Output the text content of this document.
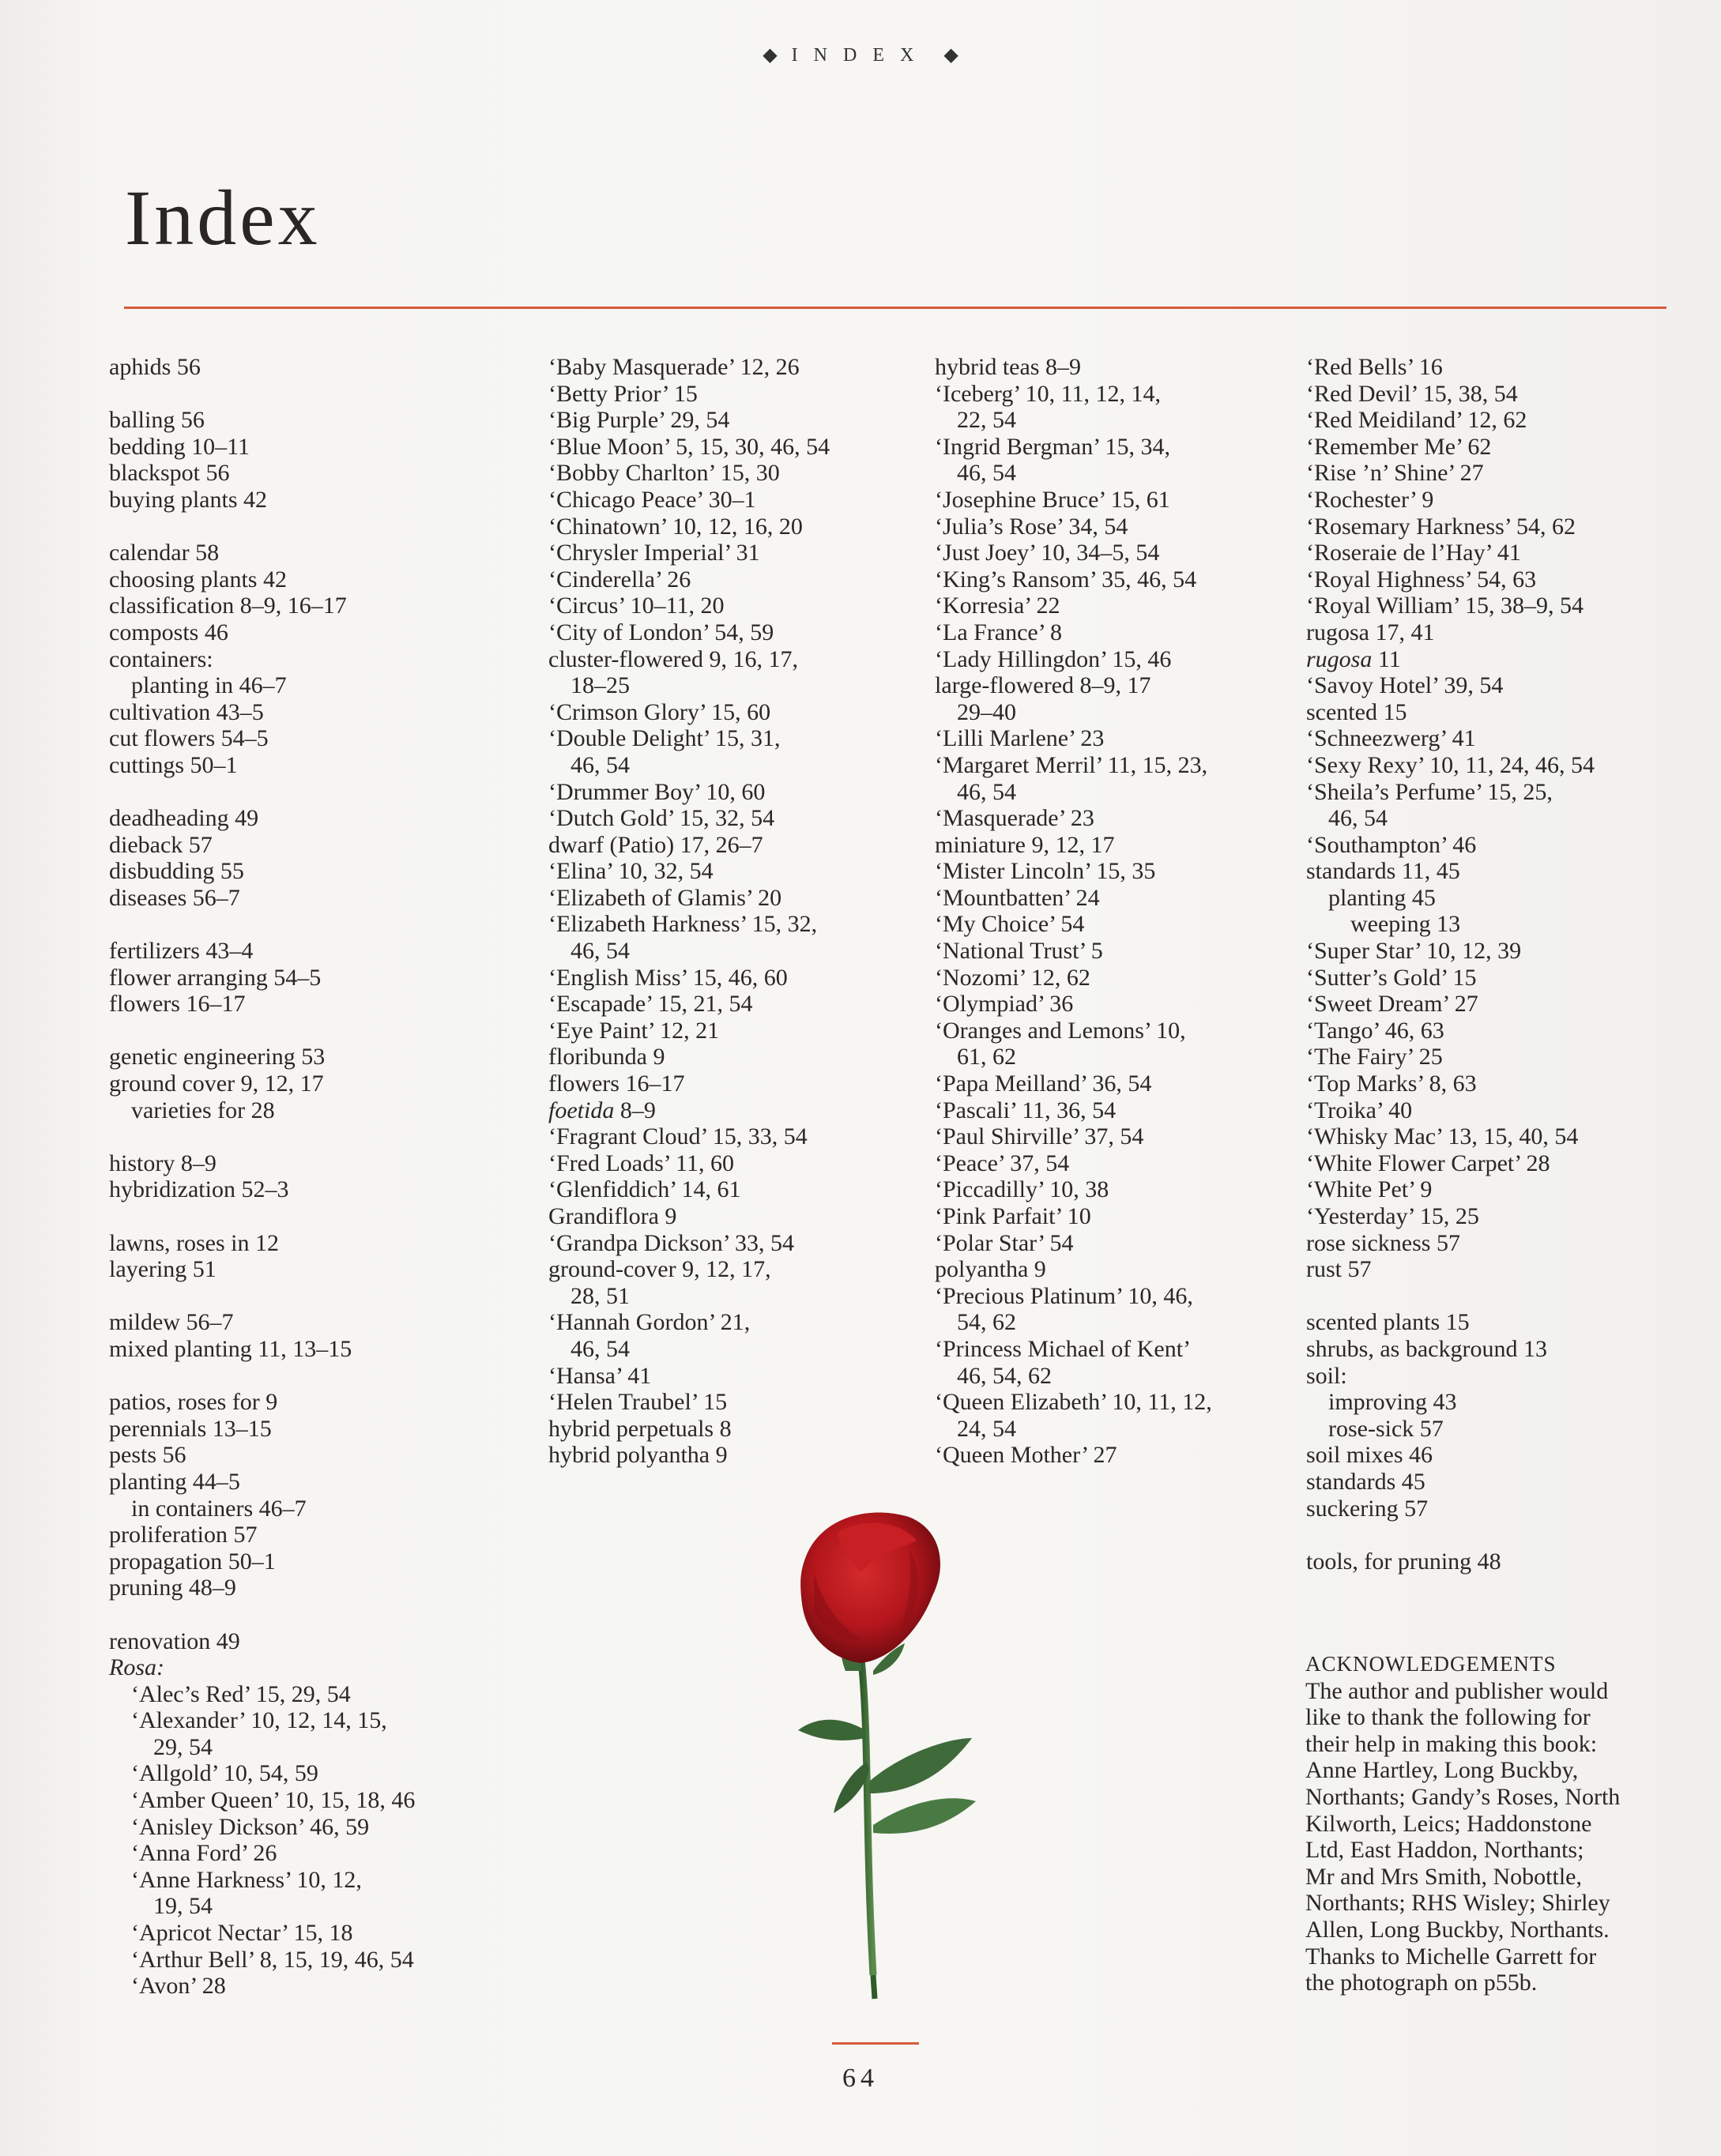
◆ INDEX ◆
Index
aphids 56
balling 56
bedding 10–11
blackspot 56
buying plants 42
calendar 58
choosing plants 42
classification 8–9, 16–17
composts 46
containers:
planting in 46–7
cultivation 43–5
cut flowers 54–5
cuttings 50–1
deadheading 49
dieback 57
disbudding 55
diseases 56–7
fertilizers 43–4
flower arranging 54–5
flowers 16–17
genetic engineering 53
ground cover 9, 12, 17
varieties for 28
history 8–9
hybridization 52–3
lawns, roses in 12
layering 51
mildew 56–7
mixed planting 11, 13–15
patios, roses for 9
perennials 13–15
pests 56
planting 44–5
in containers 46–7
proliferation 57
propagation 50–1
pruning 48–9
renovation 49
Rosa:
‘Alec’s Red’ 15, 29, 54
‘Alexander’ 10, 12, 14, 15,
29, 54
‘Allgold’ 10, 54, 59
‘Amber Queen’ 10, 15, 18, 46
‘Anisley Dickson’ 46, 59
‘Anna Ford’ 26
‘Anne Harkness’ 10, 12,
19, 54
‘Apricot Nectar’ 15, 18
‘Arthur Bell’ 8, 15, 19, 46, 54
‘Avon’ 28
‘Baby Masquerade’ 12, 26
‘Betty Prior’ 15
‘Big Purple’ 29, 54
‘Blue Moon’ 5, 15, 30, 46, 54
‘Bobby Charlton’ 15, 30
‘Chicago Peace’ 30–1
‘Chinatown’ 10, 12, 16, 20
‘Chrysler Imperial’ 31
‘Cinderella’ 26
‘Circus’ 10–11, 20
‘City of London’ 54, 59
cluster-flowered 9, 16, 17,
18–25
‘Crimson Glory’ 15, 60
‘Double Delight’ 15, 31,
46, 54
‘Drummer Boy’ 10, 60
‘Dutch Gold’ 15, 32, 54
dwarf (Patio) 17, 26–7
‘Elina’ 10, 32, 54
‘Elizabeth of Glamis’ 20
‘Elizabeth Harkness’ 15, 32,
46, 54
‘English Miss’ 15, 46, 60
‘Escapade’ 15, 21, 54
‘Eye Paint’ 12, 21
floribunda 9
flowers 16–17
foetida 8–9
‘Fragrant Cloud’ 15, 33, 54
‘Fred Loads’ 11, 60
‘Glenfiddich’ 14, 61
Grandiflora 9
‘Grandpa Dickson’ 33, 54
ground-cover 9, 12, 17,
28, 51
‘Hannah Gordon’ 21,
46, 54
‘Hansa’ 41
‘Helen Traubel’ 15
hybrid perpetuals 8
hybrid polyantha 9
hybrid teas 8–9
‘Iceberg’ 10, 11, 12, 14,
22, 54
‘Ingrid Bergman’ 15, 34,
46, 54
‘Josephine Bruce’ 15, 61
‘Julia’s Rose’ 34, 54
‘Just Joey’ 10, 34–5, 54
‘King’s Ransom’ 35, 46, 54
‘Korresia’ 22
‘La France’ 8
‘Lady Hillingdon’ 15, 46
large-flowered 8–9, 17
29–40
‘Lilli Marlene’ 23
‘Margaret Merril’ 11, 15, 23,
46, 54
‘Masquerade’ 23
miniature 9, 12, 17
‘Mister Lincoln’ 15, 35
‘Mountbatten’ 24
‘My Choice’ 54
‘National Trust’ 5
‘Nozomi’ 12, 62
‘Olympiad’ 36
‘Oranges and Lemons’ 10,
61, 62
‘Papa Meilland’ 36, 54
‘Pascali’ 11, 36, 54
‘Paul Shirville’ 37, 54
‘Peace’ 37, 54
‘Piccadilly’ 10, 38
‘Pink Parfait’ 10
‘Polar Star’ 54
polyantha 9
‘Precious Platinum’ 10, 46,
54, 62
‘Princess Michael of Kent’
46, 54, 62
‘Queen Elizabeth’ 10, 11, 12,
24, 54
‘Queen Mother’ 27
‘Red Bells’ 16
‘Red Devil’ 15, 38, 54
‘Red Meidiland’ 12, 62
‘Remember Me’ 62
‘Rise ’n’ Shine’ 27
‘Rochester’ 9
‘Rosemary Harkness’ 54, 62
‘Roseraie de l’Hay’ 41
‘Royal Highness’ 54, 63
‘Royal William’ 15, 38–9, 54
rugosa 17, 41
rugosa 11
‘Savoy Hotel’ 39, 54
scented 15
‘Schneezwerg’ 41
‘Sexy Rexy’ 10, 11, 24, 46, 54
‘Sheila’s Perfume’ 15, 25,
46, 54
‘Southampton’ 46
standards 11, 45
planting 45
weeping 13
‘Super Star’ 10, 12, 39
‘Sutter’s Gold’ 15
‘Sweet Dream’ 27
‘Tango’ 46, 63
‘The Fairy’ 25
‘Top Marks’ 8, 63
‘Troika’ 40
‘Whisky Mac’ 13, 15, 40, 54
‘White Flower Carpet’ 28
‘White Pet’ 9
‘Yesterday’ 15, 25
rose sickness 57
rust 57
scented plants 15
shrubs, as background 13
soil:
improving 43
rose-sick 57
soil mixes 46
standards 45
suckering 57
tools, for pruning 48
ACKNOWLEDGEMENTS
The author and publisher would
like to thank the following for
their help in making this book:
Anne Hartley, Long Buckby,
Northants; Gandy’s Roses, North
Kilworth, Leics; Haddonstone
Ltd, East Haddon, Northants;
Mr and Mrs Smith, Nobottle,
Northants; RHS Wisley; Shirley
Allen, Long Buckby, Northants.
Thanks to Michelle Garrett for
the photograph on p55b.
64
